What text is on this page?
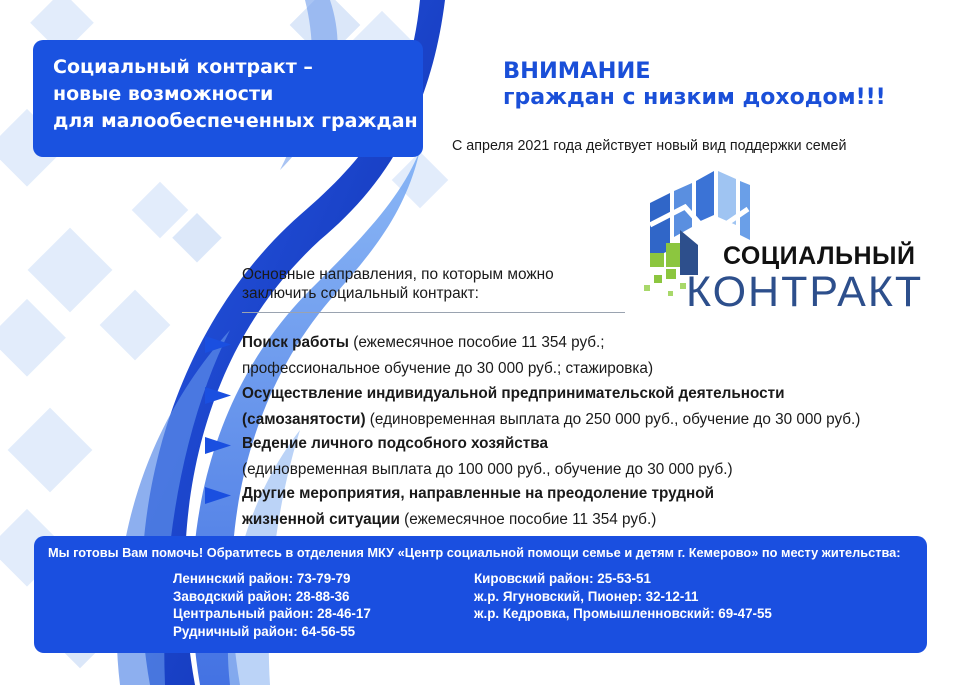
Социальный контракт –
новые возможности
для малообеспеченных граждан
ВНИМАНИЕ
граждан с низким доходом!!!
С апреля 2021 года действует новый вид поддержки семей
СОЦИАЛЬНЫЙ
КОНТРАКТ
Основные направления, по которым можно заключить социальный контракт:
Поиск работы (ежемесячное пособие 11 354 руб.;
профессиональное обучение до 30 000 руб.; стажировка)
Осуществление индивидуальной предпринимательской деятельности
(самозанятости) (единовременная выплата до 250 000 руб., обучение до 30 000 руб.)
Ведение личного подсобного хозяйства
(единовременная выплата до 100 000 руб., обучение до 30 000 руб.)
Другие мероприятия, направленные на преодоление трудной
жизненной ситуации (ежемесячное пособие 11 354 руб.)
Мы готовы Вам помочь! Обратитесь в отделения МКУ «Центр социальной помощи семье и детям г. Кемерово» по месту жительства:
Ленинский район: 73-79-79
Заводский район: 28-88-36
Центральный район: 28-46-17
Рудничный район: 64-56-55
Кировский район: 25-53-51
ж.р. Ягуновский, Пионер: 32-12-11
ж.р. Кедровка, Промышленновский: 69-47-55
